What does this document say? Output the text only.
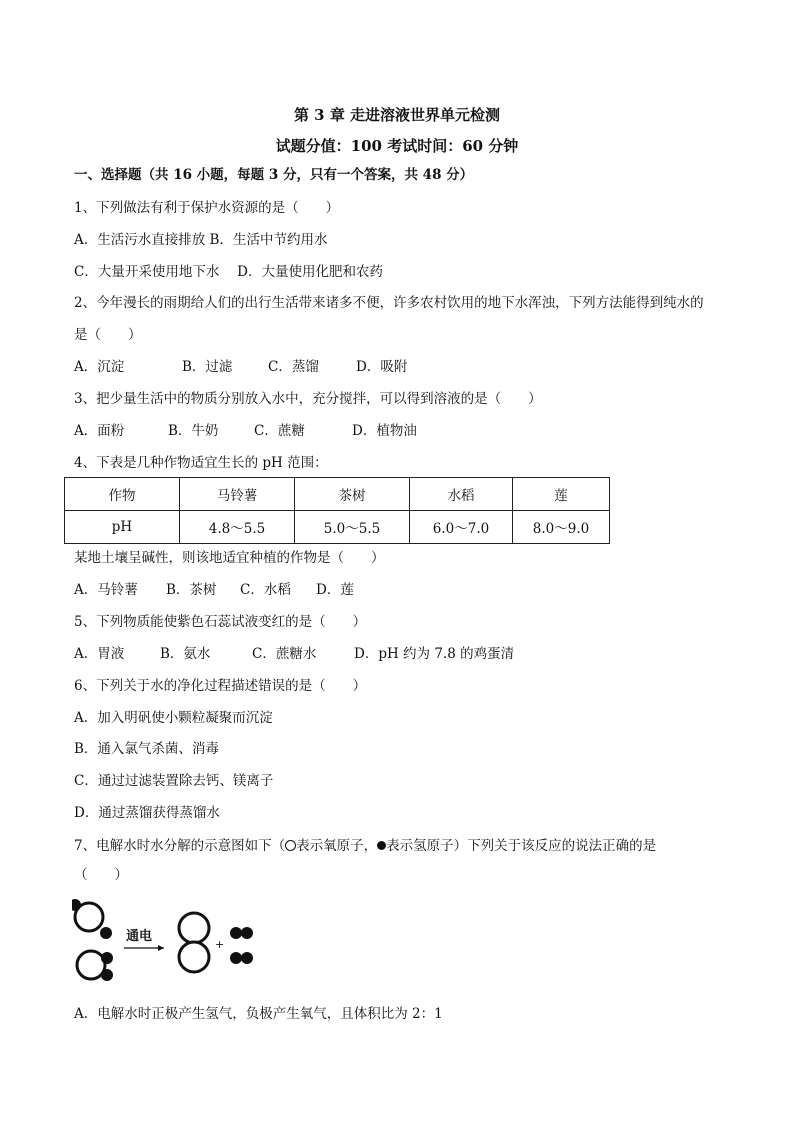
第 3 章 走进溶液世界单元检测
试题分值：100 考试时间：60 分钟
一、选择题（共 16 小题，每题 3 分，只有一个答案，共 48 分）
1、下列做法有利于保护水资源的是（　　）
A．生活污水直接排放 B．生活中节约用水
C．大量开采使用地下水　 D．大量使用化肥和农药
2、今年漫长的雨期给人们的出行生活带来诸多不便，许多农村饮用的地下水浑浊，下列方法能得到纯水的
是（　　）
A．沉淀	B．过滤	C．蒸馏	D．吸附
3、把少量生活中的物质分别放入水中，充分搅拌，可以得到溶液的是（　　）
A．面粉	B．牛奶	C．蔗糖	D．植物油
4、下表是几种作物适宜生长的 pH 范围：
作物	马铃薯	茶树	水稻	莲
pH	4.8～5.5	5.0～5.5	6.0～7.0	8.0～9.0
某地土壤呈碱性，则该地适宜种植的作物是（　　）
A．马铃薯 B．茶树 C．水稻 D．莲
5、下列物质能使紫色石蕊试液变红的是（　　）
A．胃液	B．氨水	C．蔗糖水	D．pH 约为 7.8 的鸡蛋清
6、下列关于水的净化过程描述错误的是（　　）
A．加入明矾使小颗粒凝聚而沉淀
B．通入氯气杀菌、消毒
C．通过过滤装置除去钙、镁离子
D．通过蒸馏获得蒸馏水
7、电解水时水分解的示意图如下（ 表示氧原子， 表示氢原子）下列关于该反应的说法正确的是
（　　）
通电
+
A．电解水时正极产生氢气，负极产生氧气，且体积比为 2：1
